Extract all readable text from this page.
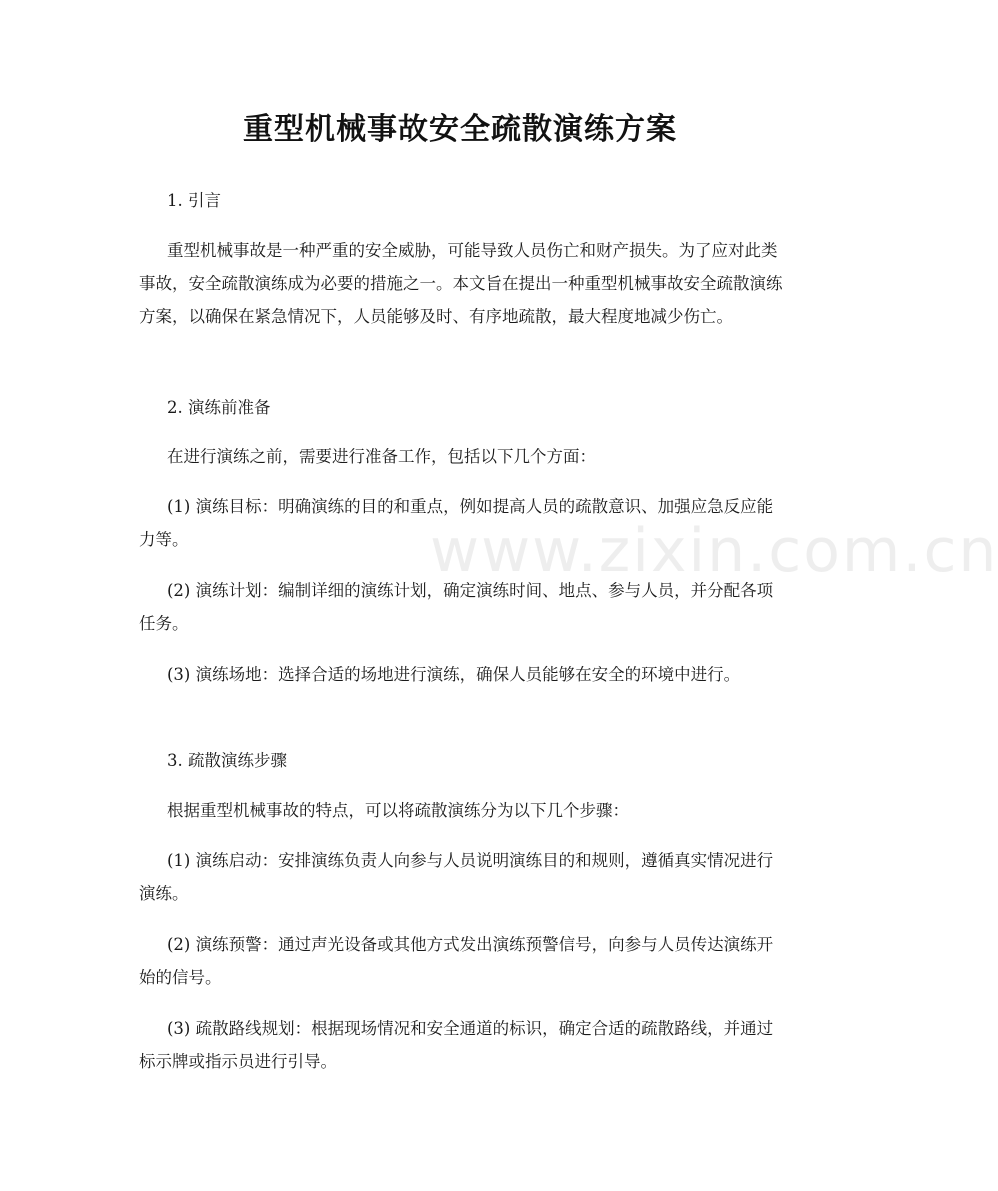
www.zixin.com.cn
重型机械事故安全疏散演练方案

1. 引言

重型机械事故是一种严重的安全威胁，可能导致人员伤亡和财产损失。为了应对此类事故，安全疏散演练成为必要的措施之一。本文旨在提出一种重型机械事故安全疏散演练方案，以确保在紧急情况下，人员能够及时、有序地疏散，最大程度地减少伤亡。

2. 演练前准备

在进行演练之前，需要进行准备工作，包括以下几个方面：

(1) 演练目标：明确演练的目的和重点，例如提高人员的疏散意识、加强应急反应能力等。

(2) 演练计划：编制详细的演练计划，确定演练时间、地点、参与人员，并分配各项任务。

(3) 演练场地：选择合适的场地进行演练，确保人员能够在安全的环境中进行。

3. 疏散演练步骤

根据重型机械事故的特点，可以将疏散演练分为以下几个步骤：

(1) 演练启动：安排演练负责人向参与人员说明演练目的和规则，遵循真实情况进行演练。

(2) 演练预警：通过声光设备或其他方式发出演练预警信号，向参与人员传达演练开始的信号。

(3) 疏散路线规划：根据现场情况和安全通道的标识，确定合适的疏散路线，并通过标示牌或指示员进行引导。
